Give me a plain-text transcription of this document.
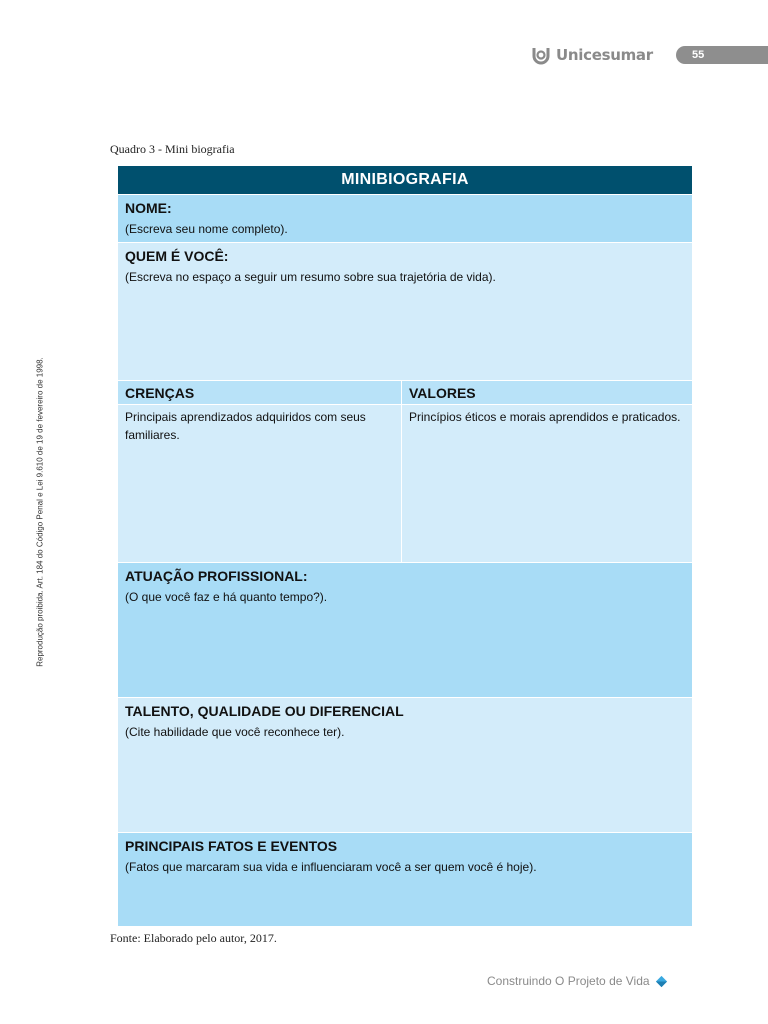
Unicesumar	55
Reprodução proibida. Art. 184 do Código Penal e Lei 9.610 de 19 de fevereiro de 1998.
Quadro 3 - Mini biografia
MINIBIOGRAFIA
NOME:
(Escreva seu nome completo).
QUEM É VOCÊ:
(Escreva no espaço a seguir um resumo sobre sua trajetória de vida).
CRENÇAS
Principais aprendizados adquiridos com seus familiares.
VALORES
Princípios éticos e morais aprendidos e praticados.
ATUAÇÃO PROFISSIONAL:
(O que você faz e há quanto tempo?).
TALENTO, QUALIDADE OU DIFERENCIAL
(Cite habilidade que você reconhece ter).
PRINCIPAIS FATOS E EVENTOS
(Fatos que marcaram sua vida e influenciaram você a ser quem você é hoje).
Fonte: Elaborado pelo autor, 2017.
Construindo O Projeto de Vida
